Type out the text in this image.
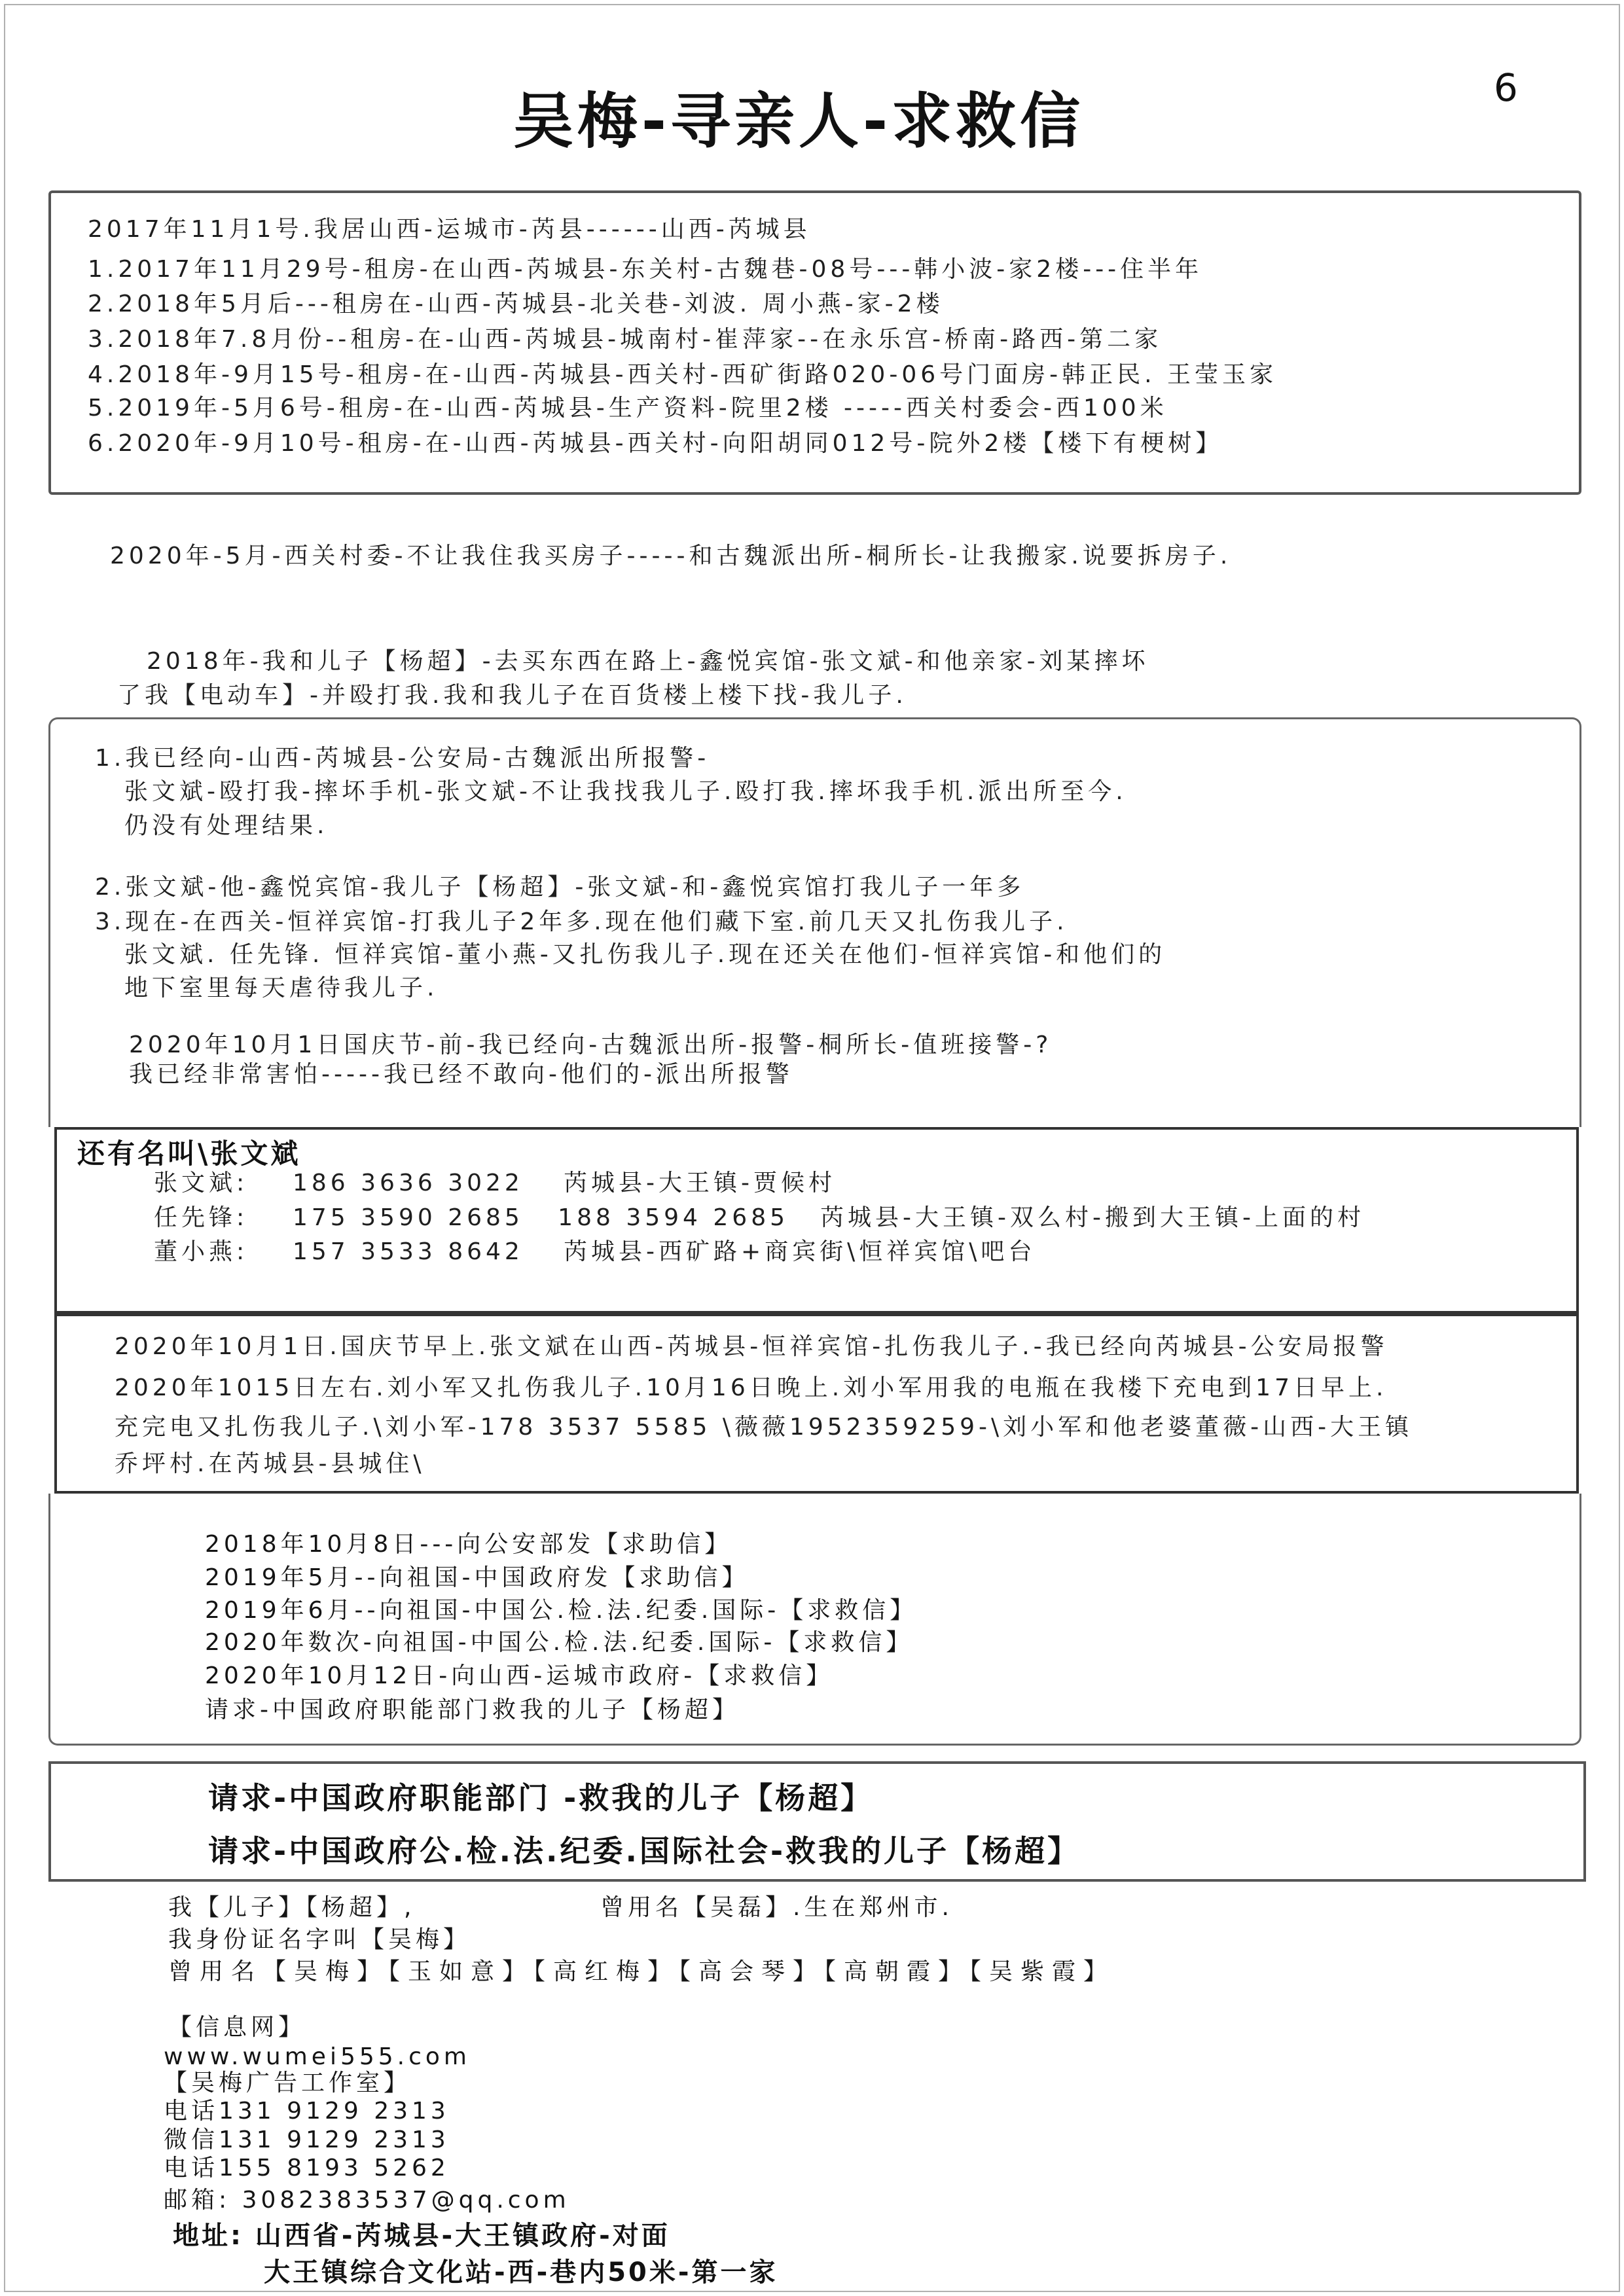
6
吴梅-寻亲人-求救信
2017年11月1号.我居山西-运城市-芮县------山西-芮城县
1.2017年11月29号-租房-在山西-芮城县-东关村-古魏巷-08号---韩小波-家2楼---住半年
2.2018年5月后---租房在-山西-芮城县-北关巷-刘波. 周小燕-家-2楼
3.2018年7.8月份--租房-在-山西-芮城县-城南村-崔萍家--在永乐宫-桥南-路西-第二家
4.2018年-9月15号-租房-在-山西-芮城县-西关村-西矿街路020-06号门面房-韩正民. 王莹玉家
5.2019年-5月6号-租房-在-山西-芮城县-生产资料-院里2楼 -----西关村委会-西100米
6.2020年-9月10号-租房-在-山西-芮城县-西关村-向阳胡同012号-院外2楼【楼下有梗树】
2020年-5月-西关村委-不让我住我买房子-----和古魏派出所-桐所长-让我搬家.说要拆房子.
2018年-我和儿子【杨超】-去买东西在路上-鑫悦宾馆-张文斌-和他亲家-刘某摔坏
了我【电动车】-并殴打我.我和我儿子在百货楼上楼下找-我儿子.
1.我已经向-山西-芮城县-公安局-古魏派出所报警-
张文斌-殴打我-摔坏手机-张文斌-不让我找我儿子.殴打我.摔坏我手机.派出所至今.
仍没有处理结果.
2.张文斌-他-鑫悦宾馆-我儿子【杨超】-张文斌-和-鑫悦宾馆打我儿子一年多
3.现在-在西关-恒祥宾馆-打我儿子2年多.现在他们藏下室.前几天又扎伤我儿子.
张文斌. 任先锋. 恒祥宾馆-董小燕-又扎伤我儿子.现在还关在他们-恒祥宾馆-和他们的
地下室里每天虐待我儿子.
2020年10月1日国庆节-前-我已经向-古魏派出所-报警-桐所长-值班接警-?
我已经非常害怕-----我已经不敢向-他们的-派出所报警
还有名叫\张文斌
张文斌: 186 3636 3022 芮城县-大王镇-贾候村
任先锋: 175 3590 2685   188 3594 2685 芮城县-大王镇-双么村-搬到大王镇-上面的村
董小燕: 157 3533 8642 芮城县-西矿路+商宾街\恒祥宾馆\吧台
2020年10月1日.国庆节早上.张文斌在山西-芮城县-恒祥宾馆-扎伤我儿子.-我已经向芮城县-公安局报警
2020年1015日左右.刘小军又扎伤我儿子.10月16日晚上.刘小军用我的电瓶在我楼下充电到17日早上.
充完电又扎伤我儿子.\刘小军-178 3537 5585 \薇薇1952359259-\刘小军和他老婆董薇-山西-大王镇
乔坪村.在芮城县-县城住\
2018年10月8日---向公安部发【求助信】
2019年5月--向祖国-中国政府发【求助信】
2019年6月--向祖国-中国公.检.法.纪委.国际-【求救信】
2020年数次-向祖国-中国公.检.法.纪委.国际-【求救信】
2020年10月12日-向山西-运城市政府-【求救信】
请求-中国政府职能部门救我的儿子【杨超】
请求-中国政府职能部门 -救我的儿子【杨超】
请求-中国政府公.检.法.纪委.国际社会-救我的儿子【杨超】
我【儿子】【杨超】,	曾用名【吴磊】.生在郑州市.
我身份证名字叫【吴梅】
曾用名【吴梅】【玉如意】【高红梅】【高会琴】【高朝霞】【吴紫霞】
【信息网】
www.wumei555.com
【吴梅广告工作室】
电话131 9129 2313
微信131 9129 2313
电话155 8193 5262
邮箱: 3082383537@qq.com
地址: 山西省-芮城县-大王镇政府-对面
大王镇综合文化站-西-巷内50米-第一家
